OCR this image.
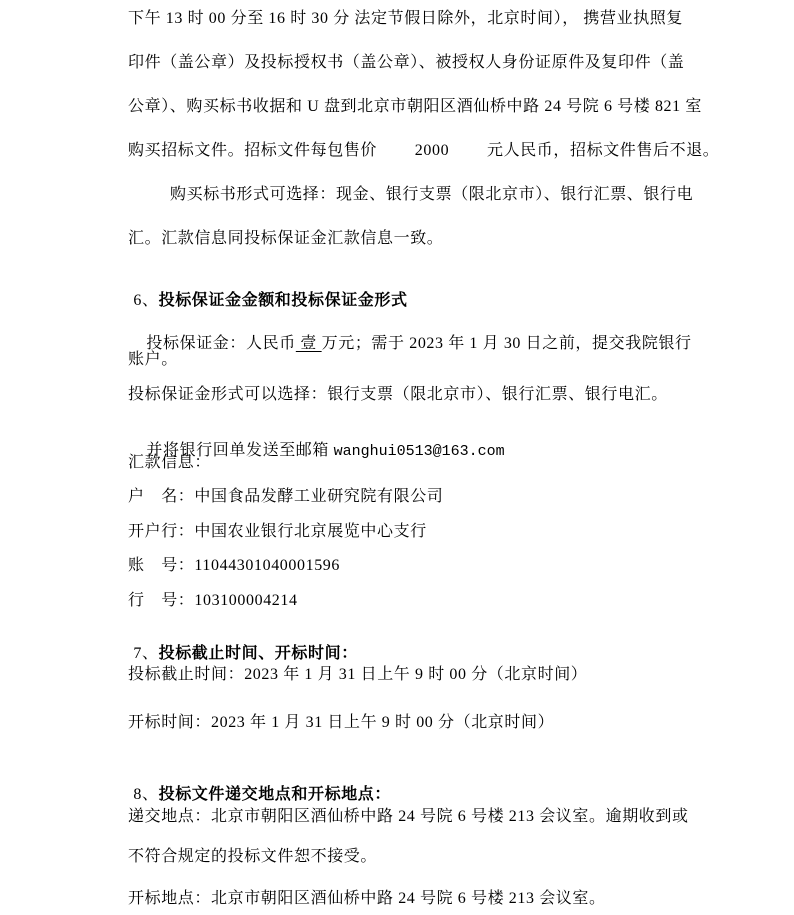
下午 13 时 00 分至 16 时 30 分 法定节假日除外，北京时间）， 携营业执照复
印件（盖公章）及投标授权书（盖公章）、被授权人身份证原件及复印件（盖
公章）、购买标书收据和 U 盘到北京市朝阳区酒仙桥中路 24 号院 6 号楼 821 室
购买招标文件。招标文件每包售价　　 2000 　　元人民币，招标文件售后不退。
购买标书形式可选择：现金、银行支票（限北京市）、银行汇票、银行电
汇。汇款信息同投标保证金汇款信息一致。

6、投标保证金金额和投标保证金形式

投标保证金：人民币 壹 万元；需于 2023 年 1 月 30 日之前，提交我院银行

账户。
投标保证金形式可以选择：银行支票（限北京市）、银行汇票、银行电汇。

并将银行回单发送至邮箱 wanghui0513@163.com

汇款信息：
户　名：中国食品发酵工业研究院有限公司
开户行：中国农业银行北京展览中心支行
账　号：11044301040001596
行　号：103100004214

7、投标截止时间、开标时间：

投标截止时间：2023 年 1 月 31 日上午 9 时 00 分（北京时间）
开标时间：2023 年 1 月 31 日上午 9 时 00 分（北京时间）

8、投标文件递交地点和开标地点：

递交地点：北京市朝阳区酒仙桥中路 24 号院 6 号楼 213 会议室。逾期收到或
不符合规定的投标文件恕不接受。
开标地点：北京市朝阳区酒仙桥中路 24 号院 6 号楼 213 会议室。
